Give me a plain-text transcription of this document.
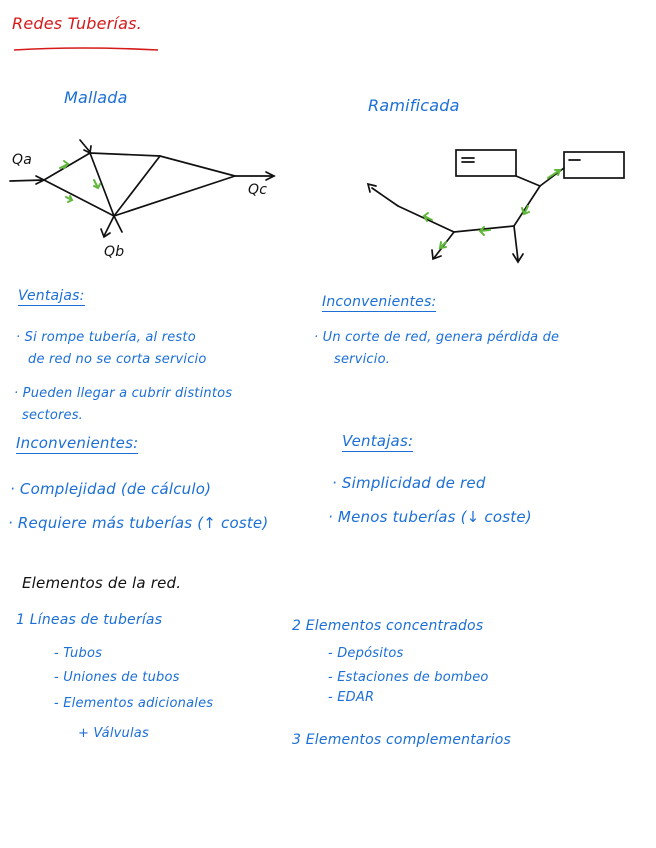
Redes Tuberías.
Mallada
Qa
Qb
Qc
Ramificada
Ventajas:
· Si rompe tubería, al resto
de red no se corta servicio
· Pueden llegar a cubrir distintos
sectores.
Inconvenientes:
· Complejidad (de cálculo)
· Requiere más tuberías (↑ coste)
Inconvenientes:
· Un corte de red, genera pérdida de
servicio.
Ventajas:
· Simplicidad de red
· Menos tuberías (↓ coste)
Elementos de la red.
1 Líneas de tuberías
- Tubos
- Uniones de tubos
- Elementos adicionales
+ Válvulas
2 Elementos concentrados
- Depósitos
- Estaciones de bombeo
- EDAR
3 Elementos complementarios
